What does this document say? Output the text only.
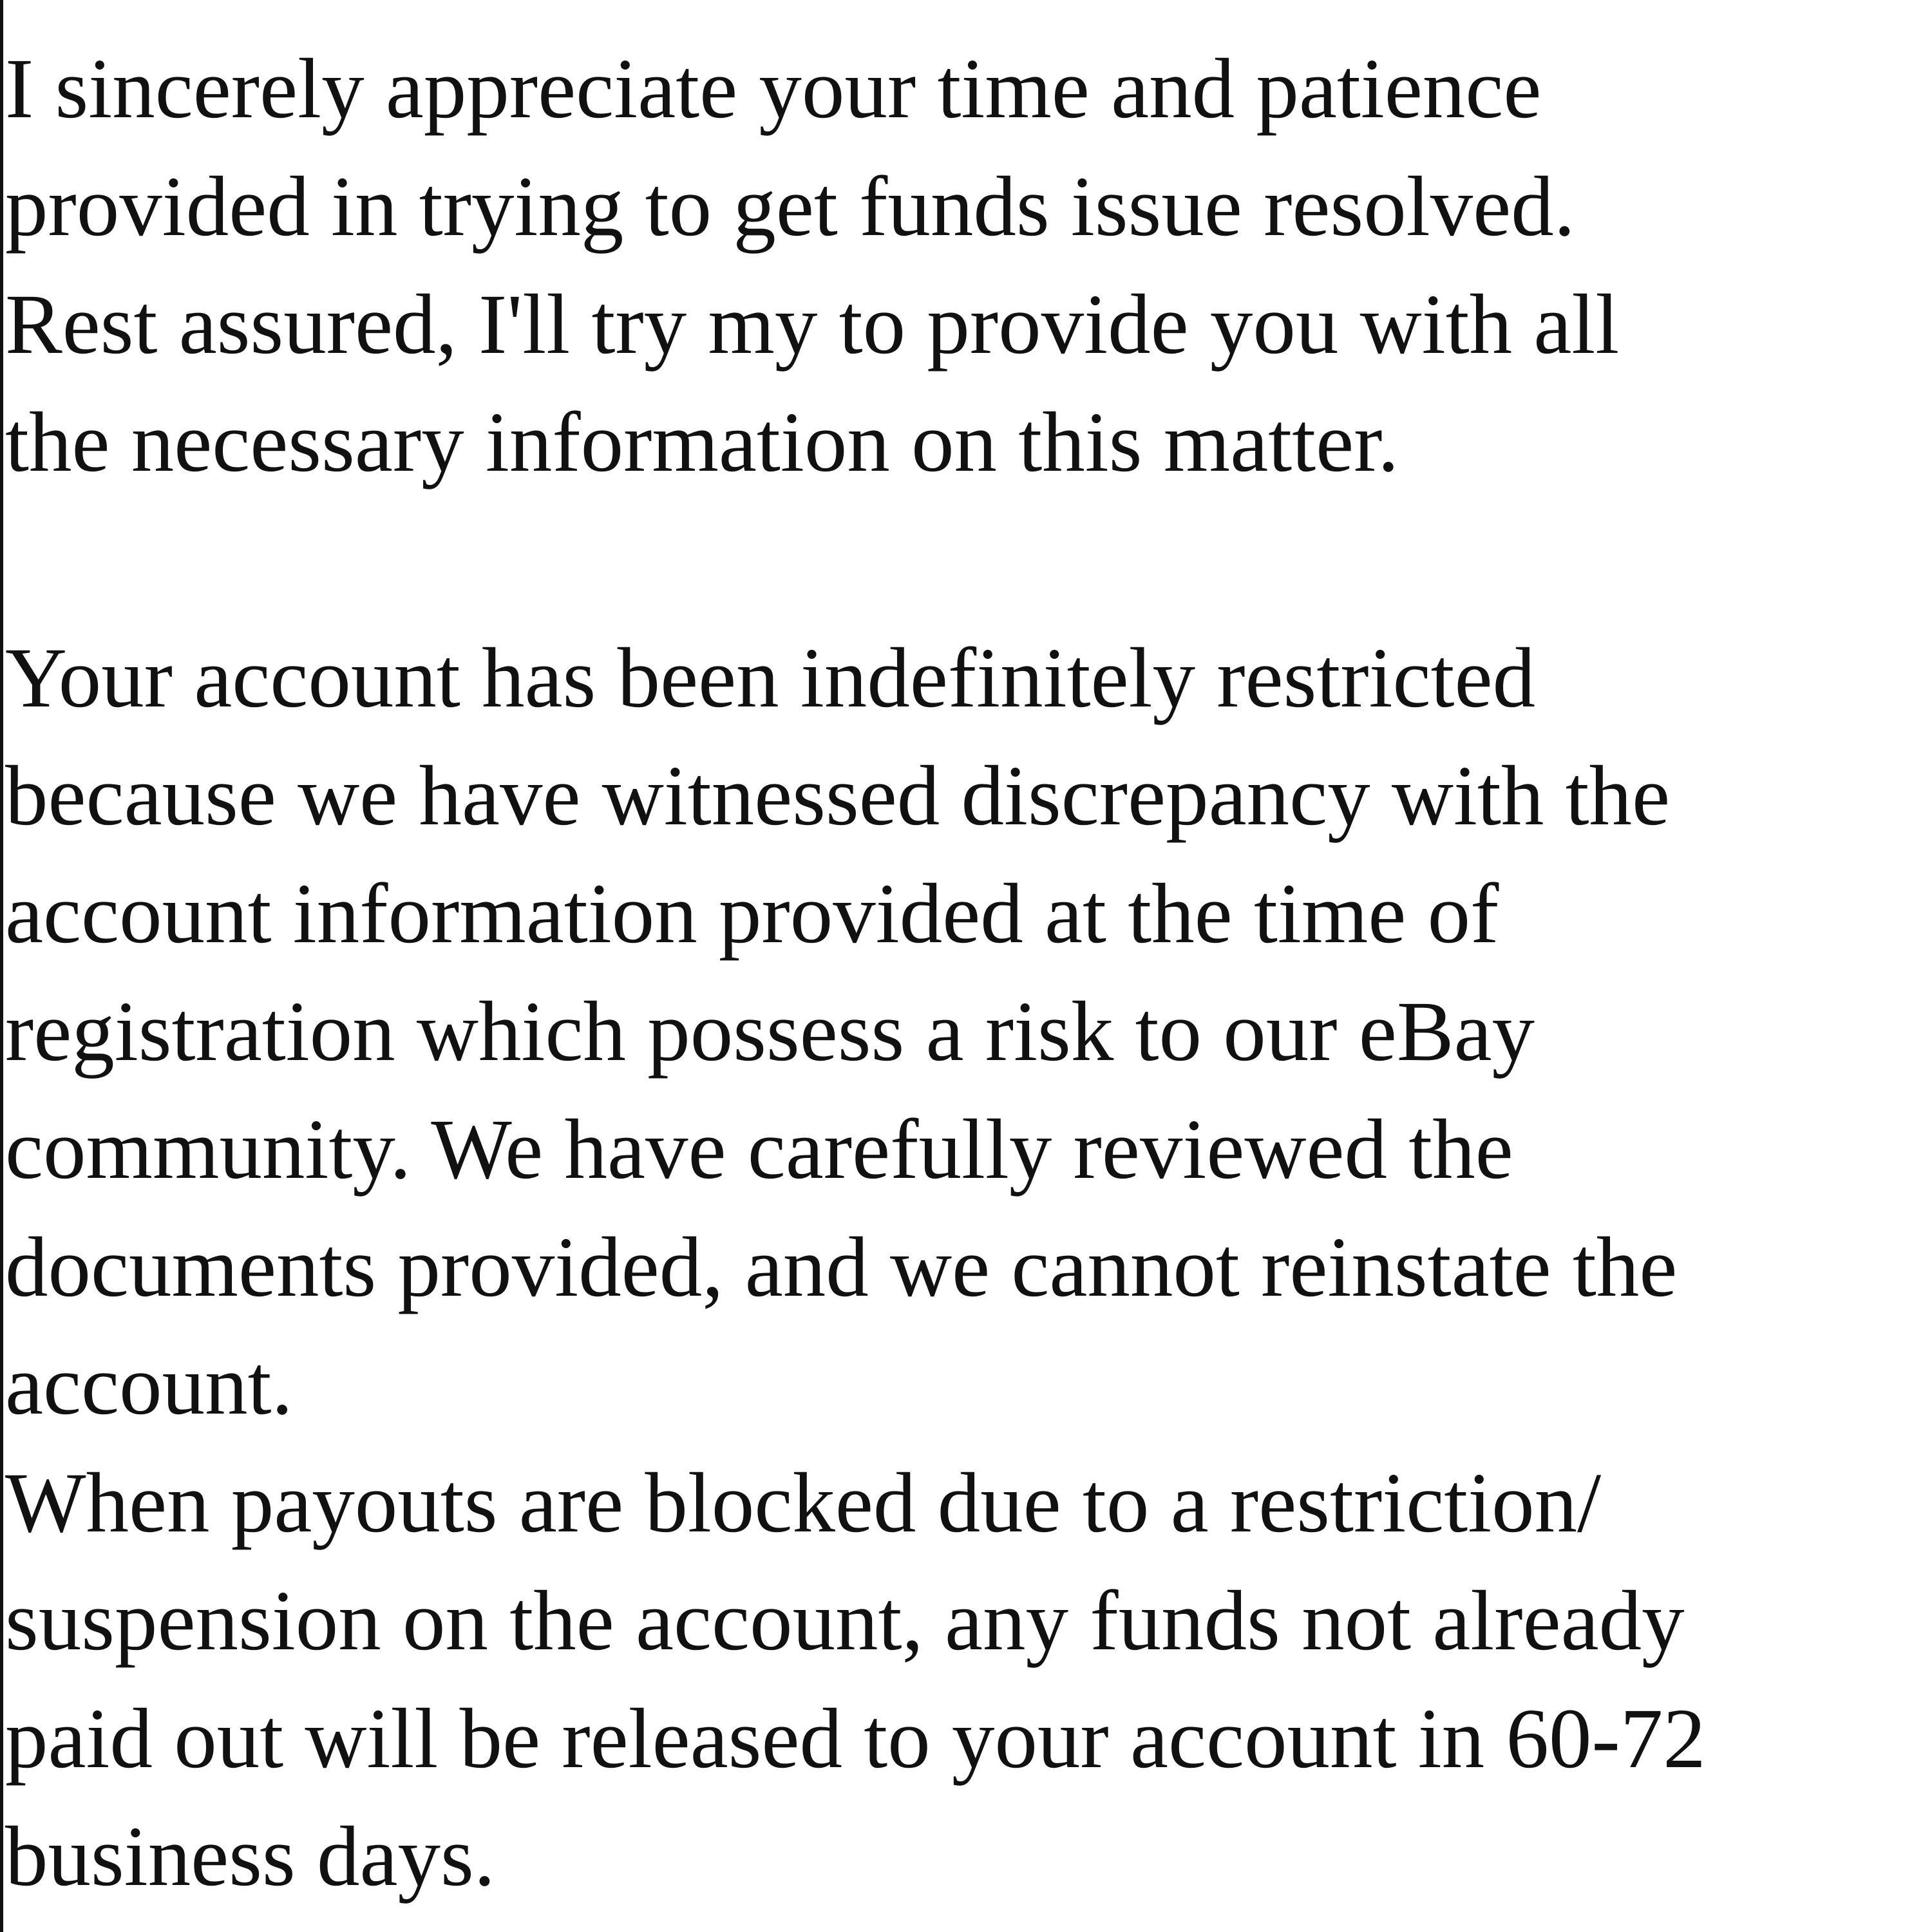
I sincerely appreciate your time and patience
provided in trying to get funds issue resolved.
Rest assured, I'll try my to provide you with all
the necessary information on this matter.
Your account has been indefinitely restricted
because we have witnessed discrepancy with the
account information provided at the time of
registration which possess a risk to our eBay
community. We have carefully reviewed the
documents provided, and we cannot reinstate the
account.
When payouts are blocked due to a restriction/
suspension on the account, any funds not already
paid out will be released to your account in 60-72
business days.
